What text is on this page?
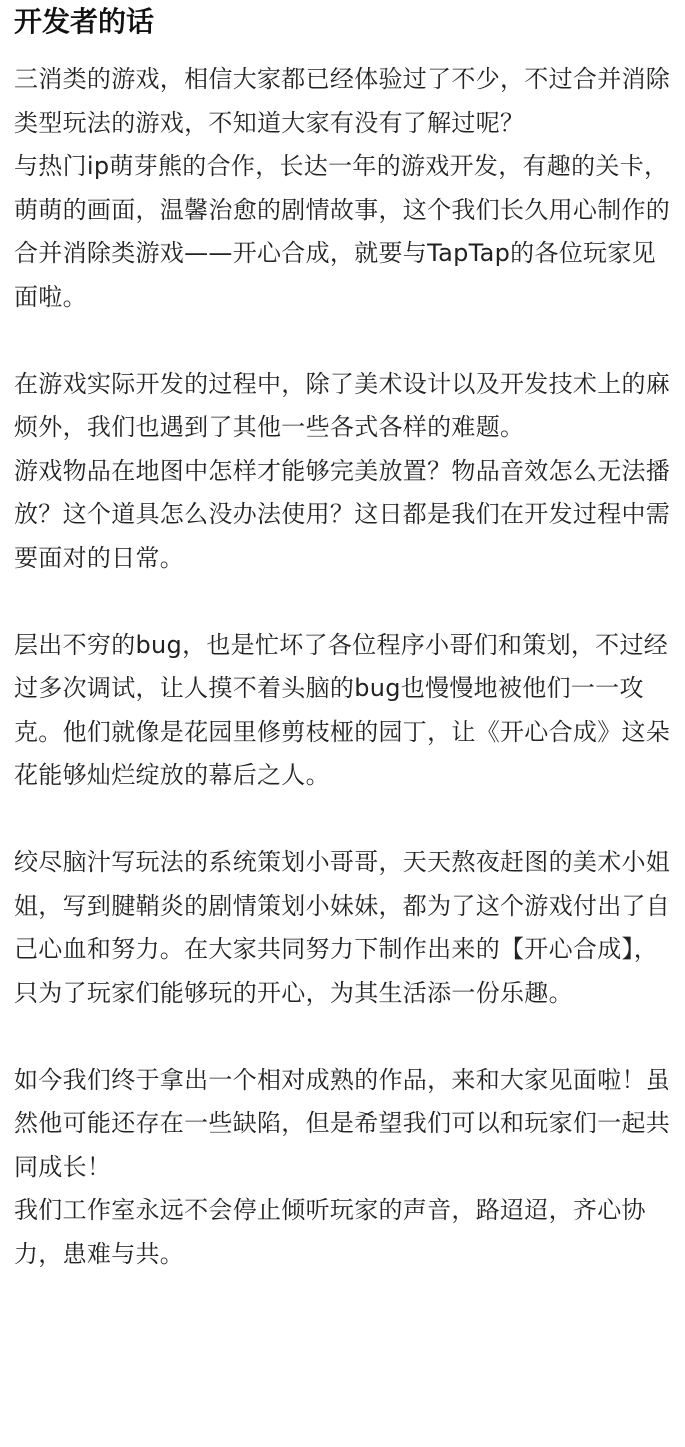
开发者的话

三消类的游戏，相信大家都已经体验过了不少，不过合并消除类型玩法的游戏，不知道大家有没有了解过呢？

与热门ip萌芽熊的合作，长达一年的游戏开发，有趣的关卡，萌萌的画面，温馨治愈的剧情故事，这个我们长久用心制作的合并消除类游戏——开心合成，就要与TapTap的各位玩家见面啦。

在游戏实际开发的过程中，除了美术设计以及开发技术上的麻烦外，我们也遇到了其他一些各式各样的难题。

游戏物品在地图中怎样才能够完美放置？物品音效怎么无法播放？这个道具怎么没办法使用？这日都是我们在开发过程中需要面对的日常。

层出不穷的bug，也是忙坏了各位程序小哥们和策划，不过经过多次调试，让人摸不着头脑的bug也慢慢地被他们一一攻克。他们就像是花园里修剪枝桠的园丁，让《开心合成》这朵花能够灿烂绽放的幕后之人。

绞尽脑汁写玩法的系统策划小哥哥，天天熬夜赶图的美术小姐姐，写到腱鞘炎的剧情策划小妹妹，都为了这个游戏付出了自己心血和努力。在大家共同努力下制作出来的【开心合成】，只为了玩家们能够玩的开心，为其生活添一份乐趣。

如今我们终于拿出一个相对成熟的作品，来和大家见面啦！虽然他可能还存在一些缺陷，但是希望我们可以和玩家们一起共同成长！

我们工作室永远不会停止倾听玩家的声音，路迢迢，齐心协力，患难与共。
